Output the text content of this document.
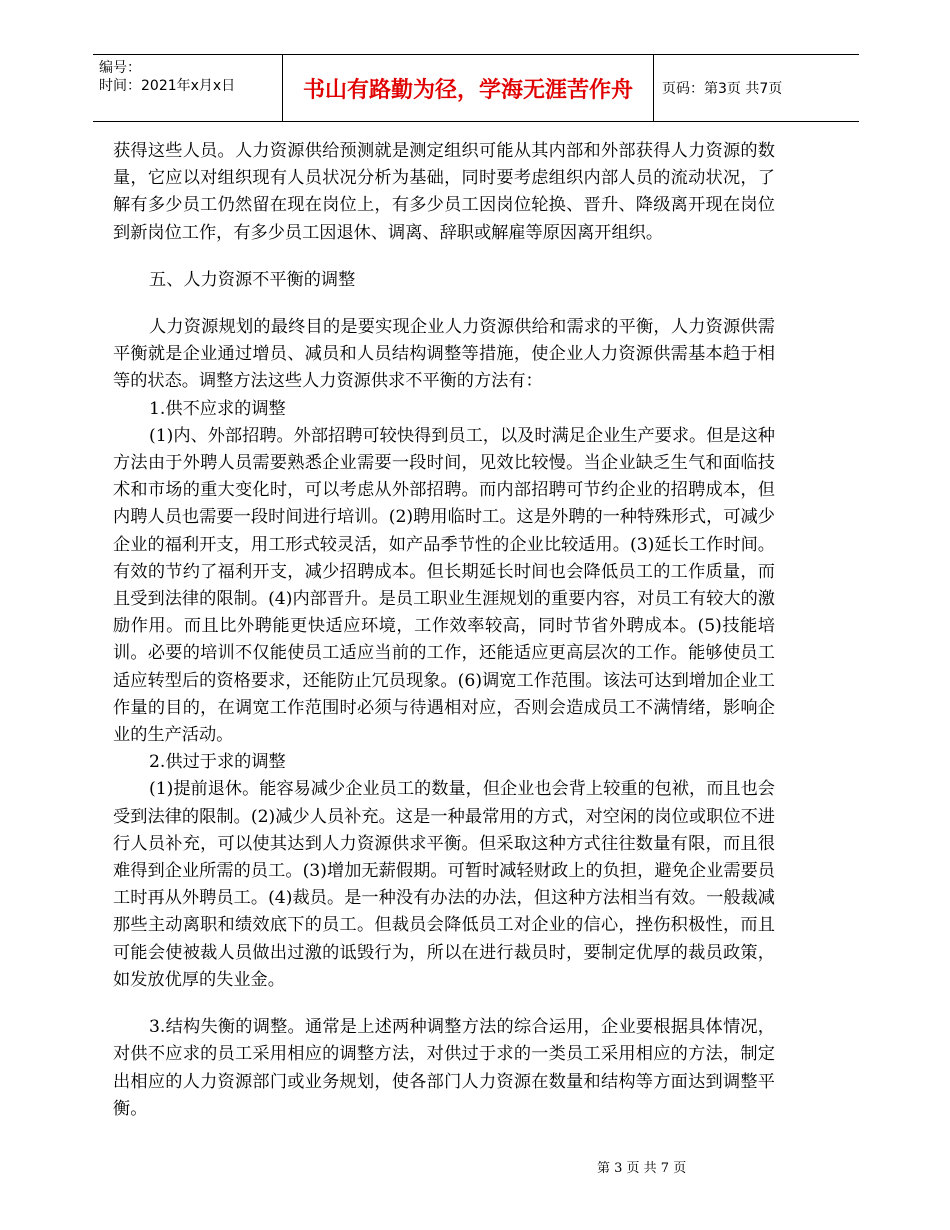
编号：
时间：2021年x月x日	书山有路勤为径，学海无涯苦作舟	页码：第3页 共7页

获得这些人员。人力资源供给预测就是测定组织可能从其内部和外部获得人力资源的数量，它应以对组织现有人员状况分析为基础，同时要考虑组织内部人员的流动状况，了解有多少员工仍然留在现在岗位上，有多少员工因岗位轮换、晋升、降级离开现在岗位到新岗位工作，有多少员工因退休、调离、辞职或解雇等原因离开组织。

五、人力资源不平衡的调整

人力资源规划的最终目的是要实现企业人力资源供给和需求的平衡，人力资源供需平衡就是企业通过增员、减员和人员结构调整等措施，使企业人力资源供需基本趋于相等的状态。调整方法这些人力资源供求不平衡的方法有：

1.供不应求的调整

(1)内、外部招聘。外部招聘可较快得到员工，以及时满足企业生产要求。但是这种方法由于外聘人员需要熟悉企业需要一段时间，见效比较慢。当企业缺乏生气和面临技术和市场的重大变化时，可以考虑从外部招聘。而内部招聘可节约企业的招聘成本，但内聘人员也需要一段时间进行培训。(2)聘用临时工。这是外聘的一种特殊形式，可减少企业的福利开支，用工形式较灵活，如产品季节性的企业比较适用。(3)延长工作时间。有效的节约了福利开支，减少招聘成本。但长期延长时间也会降低员工的工作质量，而且受到法律的限制。(4)内部晋升。是员工职业生涯规划的重要内容，对员工有较大的激励作用。而且比外聘能更快适应环境，工作效率较高，同时节省外聘成本。(5)技能培训。必要的培训不仅能使员工适应当前的工作，还能适应更高层次的工作。能够使员工适应转型后的资格要求，还能防止冗员现象。(6)调宽工作范围。该法可达到增加企业工作量的目的，在调宽工作范围时必须与待遇相对应，否则会造成员工不满情绪，影响企业的生产活动。

2.供过于求的调整

(1)提前退休。能容易减少企业员工的数量，但企业也会背上较重的包袱，而且也会受到法律的限制。(2)减少人员补充。这是一种最常用的方式，对空闲的岗位或职位不进行人员补充，可以使其达到人力资源供求平衡。但采取这种方式往往数量有限，而且很难得到企业所需的员工。(3)增加无薪假期。可暂时减轻财政上的负担，避免企业需要员工时再从外聘员工。(4)裁员。是一种没有办法的办法，但这种方法相当有效。一般裁减那些主动离职和绩效底下的员工。但裁员会降低员工对企业的信心，挫伤积极性，而且可能会使被裁人员做出过激的诋毁行为，所以在进行裁员时，要制定优厚的裁员政策，如发放优厚的失业金。

3.结构失衡的调整。通常是上述两种调整方法的综合运用，企业要根据具体情况，对供不应求的员工采用相应的调整方法，对供过于求的一类员工采用相应的方法，制定出相应的人力资源部门或业务规划，使各部门人力资源在数量和结构等方面达到调整平衡。

第 3 页 共 7 页
